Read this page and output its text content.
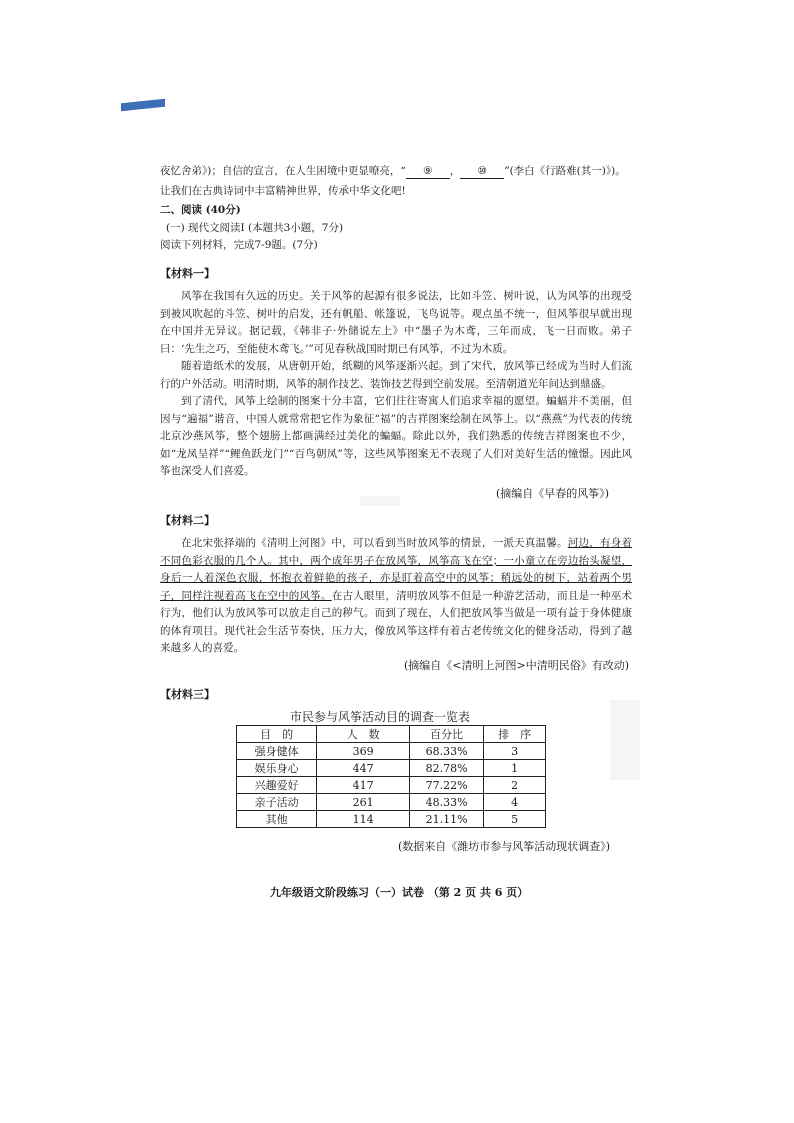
夜忆舍弟》)；自信的宣言，在人生困境中更显嘹亮，“ ⑨ ， ⑩ ”(李白《行路难(其一)》)。
让我们在古典诗词中丰富精神世界，传承中华文化吧!
二、阅读 (40分)
(一) 现代文阅读I (本题共3小题，7分)
阅读下列材料，完成7-9题。(7分)
【材料一】
风筝在我国有久远的历史。关于风筝的起源有很多说法，比如斗笠、树叶说，认为风筝的出现受到被风吹起的斗笠、树叶的启发，还有帆船、帐篷说，飞鸟说等。观点虽不统一，但风筝很早就出现在中国并无异议。据记载，《韩非子·外储说左上》中“墨子为木鸢，三年而成，飞一日而败。弟子曰：‘先生之巧，至能使木鸢飞。’”可见春秋战国时期已有风筝，不过为木质。
随着造纸术的发展，从唐朝开始，纸糊的风筝逐渐兴起。到了宋代，放风筝已经成为当时人们流行的户外活动。明清时期，风筝的制作技艺、装饰技艺得到空前发展。至清朝道光年间达到鼎盛。
到了清代，风筝上绘制的图案十分丰富，它们往往寄寓人们追求幸福的愿望。蝙蝠并不美丽，但因与“遍福”谐音，中国人就常常把它作为象征“福”的吉祥图案绘制在风筝上。以“燕燕”为代表的传统北京沙燕风筝，整个翅膀上都画满经过美化的蝙蝠。除此以外，我们熟悉的传统吉祥图案也不少，如“龙凤呈祥”“鲤鱼跃龙门”“百鸟朝凤”等，这些风筝图案无不表现了人们对美好生活的憧憬。因此风筝也深受人们喜爱。
(摘编自《早春的风筝》)
【材料二】
在北宋张择端的《清明上河图》中，可以看到当时放风筝的情景，一派天真温馨。河边，有身着不同色彩衣服的几个人。其中，两个成年男子在放风筝，风筝高飞在空；一小童立在旁边抬头凝望，身后一人着深色衣服，怀抱衣着鲜艳的孩子，亦是盯着高空中的风筝；稍远处的树下，站着两个男子，同样注视着高飞在空中的风筝。在古人眼里，清明放风筝不但是一种游艺活动，而且是一种巫术行为，他们认为放风筝可以放走自己的秽气。而到了现在，人们把放风筝当做是一项有益于身体健康的体育项目。现代社会生活节奏快，压力大，像放风筝这样有着古老传统文化的健身活动，得到了越来越多人的喜爱。
(摘编自《<清明上河图>中清明民俗》有改动)
【材料三】
市民参与风筝活动目的调查一览表
目　的	人　数	百分比	排　序
强身健体	369	68.33%	3
娱乐身心	447	82.78%	1
兴趣爱好	417	77.22%	2
亲子活动	261	48.33%	4
其他	114	21.11%	5
(数据来自《潍坊市参与风筝活动现状调查》)
九年级语文阶段练习（一）试卷 （第 2 页 共 6 页）
